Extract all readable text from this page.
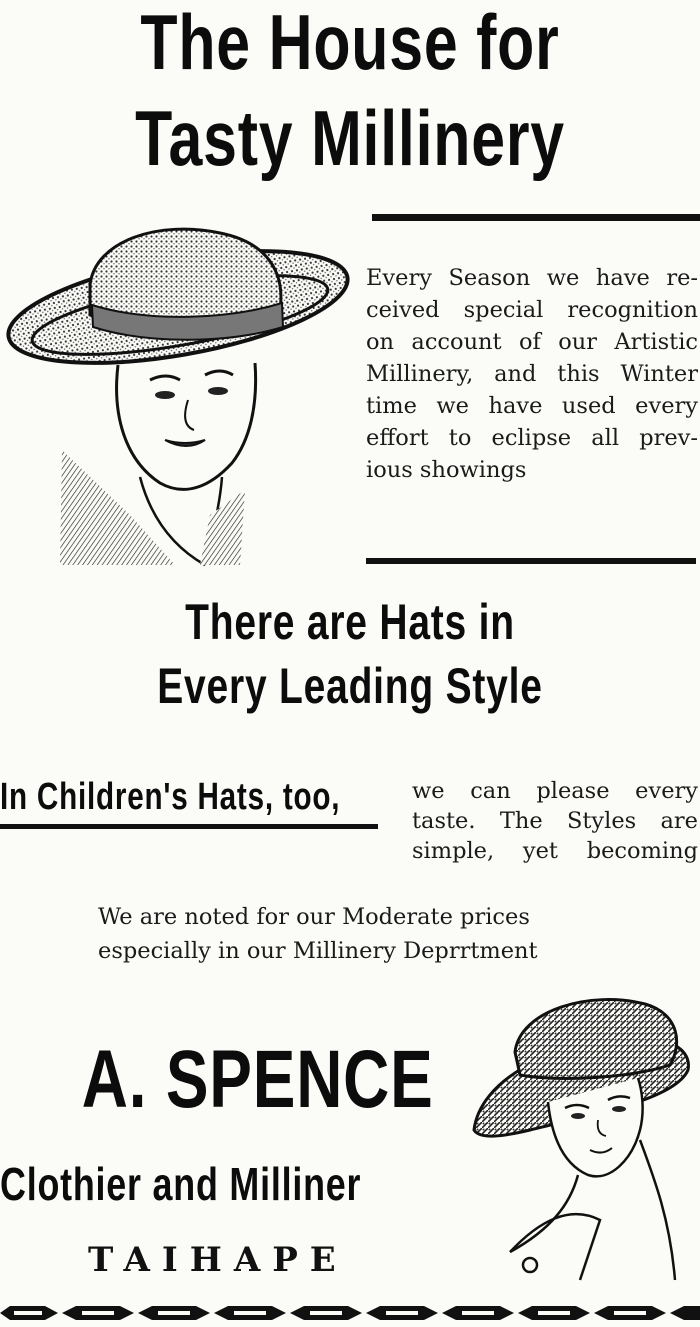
The House for
Tasty Millinery
Every Season we have re-
ceived special recognition
on account of our Artistic
Millinery, and this Winter
time we have used every
effort to eclipse all prev-
ious showings
There are Hats in
Every Leading Style
In Children's Hats, too,	we can please every
taste. The Styles are
simple, yet becoming
We are noted for our Moderate prices
especially in our Millinery Deprrtment
A. SPENCE
Clothier and Milliner
TAIHAPE
